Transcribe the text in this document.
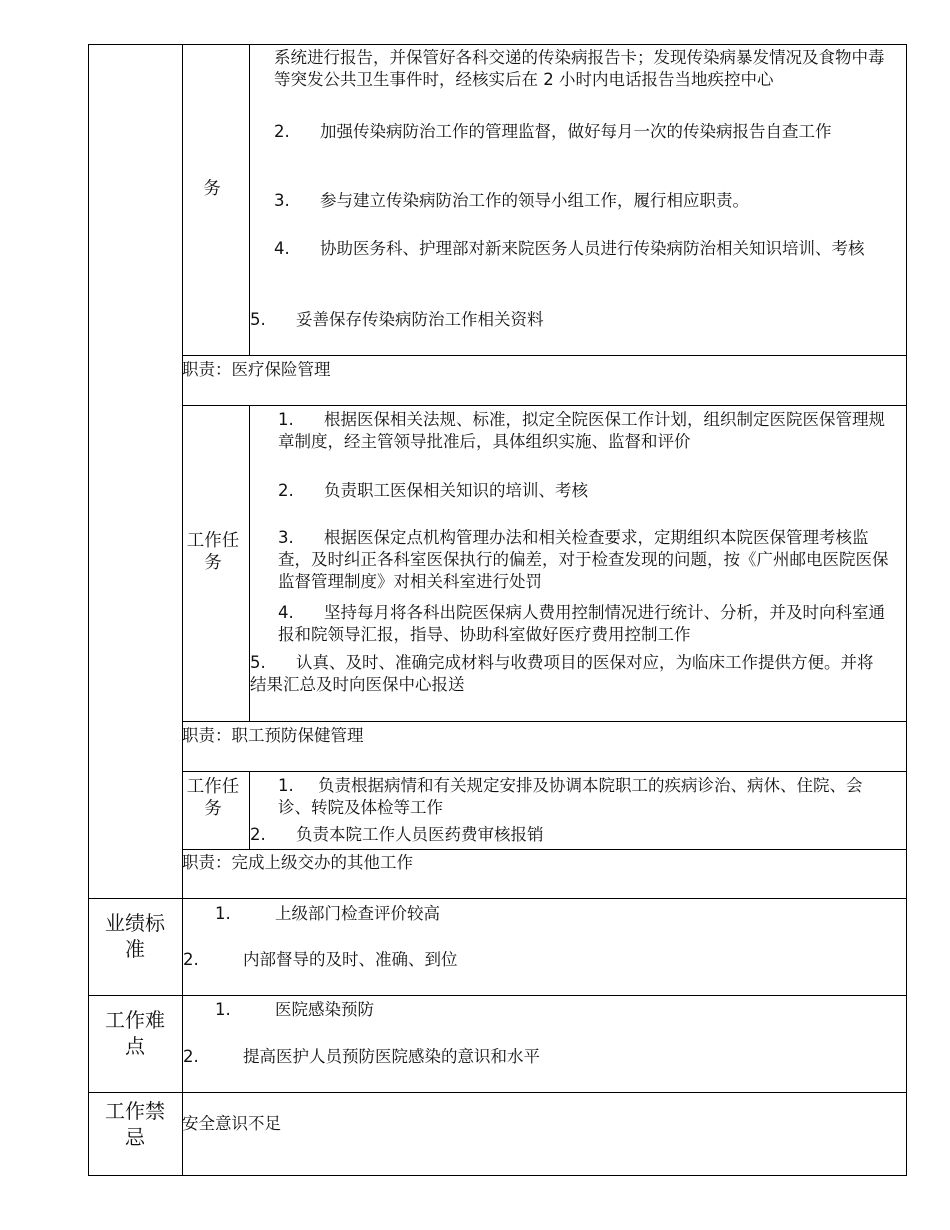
务
系统进行报告，并保管好各科交递的传染病报告卡；发现传染病暴发情况及食物中毒等突发公共卫生事件时，经核实后在 2 小时内电话报告当地疾控中心
2. 加强传染病防治工作的管理监督，做好每月一次的传染病报告自查工作
3. 参与建立传染病防治工作的领导小组工作，履行相应职责。
4. 协助医务科、护理部对新来院医务人员进行传染病防治相关知识培训、考核
5. 妥善保存传染病防治工作相关资料
职责：医疗保险管理
工作任务
1. 根据医保相关法规、标准，拟定全院医保工作计划，组织制定医院医保管理规章制度，经主管领导批准后，具体组织实施、监督和评价
2. 负责职工医保相关知识的培训、考核
3. 根据医保定点机构管理办法和相关检查要求，定期组织本院医保管理考核监查，及时纠正各科室医保执行的偏差，对于检查发现的问题，按《广州邮电医院医保监督管理制度》对相关科室进行处罚
4. 坚持每月将各科出院医保病人费用控制情况进行统计、分析，并及时向科室通报和院领导汇报，指导、协助科室做好医疗费用控制工作
5. 认真、及时、准确完成材料与收费项目的医保对应，为临床工作提供方便。并将结果汇总及时向医保中心报送
职责：职工预防保健管理
工作任务
1. 负责根据病情和有关规定安排及协调本院职工的疾病诊治、病休、住院、会诊、转院及体检等工作
2. 负责本院工作人员医药费审核报销
职责：完成上级交办的其他工作
业绩标准
1.	上级部门检查评价较高
2.	内部督导的及时、准确、到位
工作难点
1.	医院感染预防
2.	提高医护人员预防医院感染的意识和水平
工作禁忌
安全意识不足
